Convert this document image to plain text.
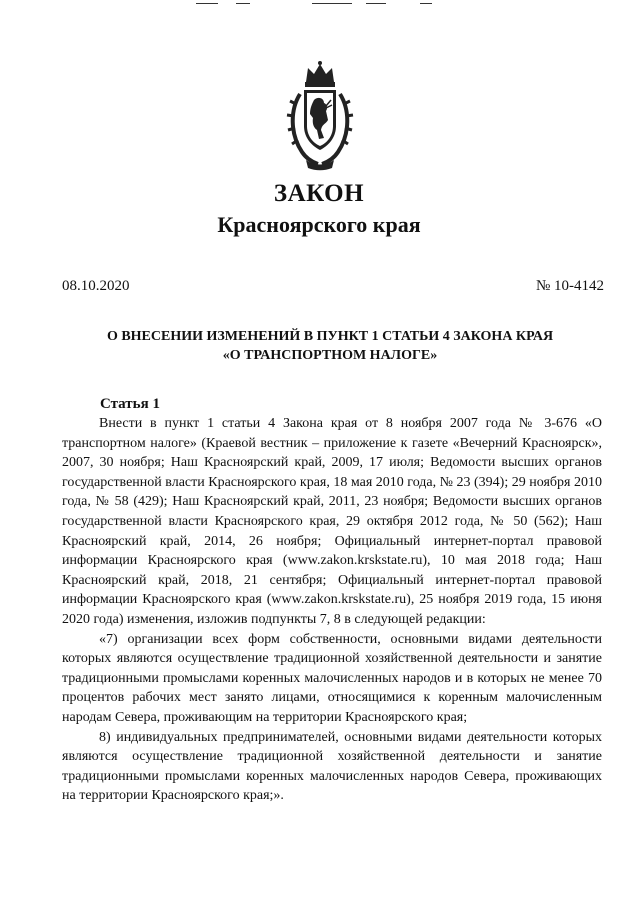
ЗАКОН
Красноярского края
08.10.2020	№ 10-4142
О ВНЕСЕНИИ ИЗМЕНЕНИЙ В ПУНКТ 1 СТАТЬИ 4 ЗАКОНА КРАЯ
«О ТРАНСПОРТНОМ НАЛОГЕ»
Статья 1

Внести в пункт 1 статьи 4 Закона края от 8 ноября 2007 года № 3-676 «О транспортном налоге» (Краевой вестник – приложение к газете «Вечерний Красноярск», 2007, 30 ноября; Наш Красноярский край, 2009, 17 июля; Ведомости высших органов государственной власти Красноярского края, 18 мая 2010 года, № 23 (394); 29 ноября 2010 года, № 58 (429); Наш Красноярский край, 2011, 23 ноября; Ведомости высших органов государственной власти Красноярского края, 29 октября 2012 года, № 50 (562); Наш Красноярский край, 2014, 26 ноября; Официальный интернет-портал правовой информации Красноярского края (www.zakon.krskstate.ru), 10 мая 2018 года; Наш Красноярский край, 2018, 21 сентября; Официальный интернет-портал правовой информации Красноярского края (www.zakon.krskstate.ru), 25 ноября 2019 года, 15 июня 2020 года) изменения, изложив подпункты 7, 8 в следующей редакции:

«7) организации всех форм собственности, основными видами деятельности которых являются осуществление традиционной хозяйственной деятельности и занятие традиционными промыслами коренных малочисленных народов и в которых не менее 70 процентов рабочих мест занято лицами, относящимися к коренным малочисленным народам Севера, проживающим на территории Красноярского края;

8) индивидуальных предпринимателей, основными видами деятельности которых являются осуществление традиционной хозяйственной деятельности и занятие традиционными промыслами коренных малочисленных народов Севера, проживающих на территории Красноярского края;».
